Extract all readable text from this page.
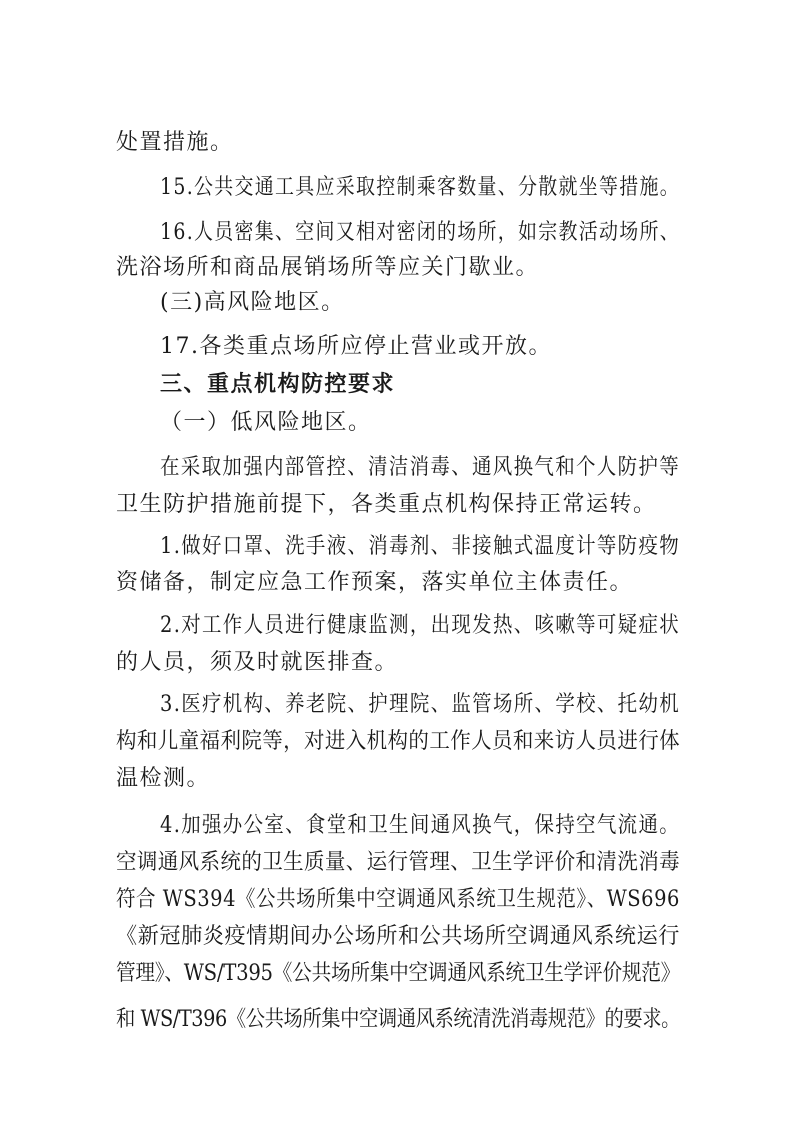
处置措施。
15.公共交通工具应采取控制乘客数量、分散就坐等措施。
16.人员密集、空间又相对密闭的场所，如宗教活动场所、
洗浴场所和商品展销场所等应关门歇业。
(三)高风险地区。
17.各类重点场所应停止营业或开放。
三、重点机构防控要求
（一）低风险地区。
在采取加强内部管控、清洁消毒、通风换气和个人防护等
卫生防护措施前提下，各类重点机构保持正常运转。
1.做好口罩、洗手液、消毒剂、非接触式温度计等防疫物
资储备，制定应急工作预案，落实单位主体责任。
2.对工作人员进行健康监测，出现发热、咳嗽等可疑症状
的人员，须及时就医排查。
3.医疗机构、养老院、护理院、监管场所、学校、托幼机
构和儿童福利院等，对进入机构的工作人员和来访人员进行体
温检测。
4.加强办公室、食堂和卫生间通风换气，保持空气流通。
空调通风系统的卫生质量、运行管理、卫生学评价和清洗消毒
符合 WS394《公共场所集中空调通风系统卫生规范》、WS696
《新冠肺炎疫情期间办公场所和公共场所空调通风系统运行
管理》、WS/T395《公共场所集中空调通风系统卫生学评价规范》
和 WS/T396《公共场所集中空调通风系统清洗消毒规范》的要求。
